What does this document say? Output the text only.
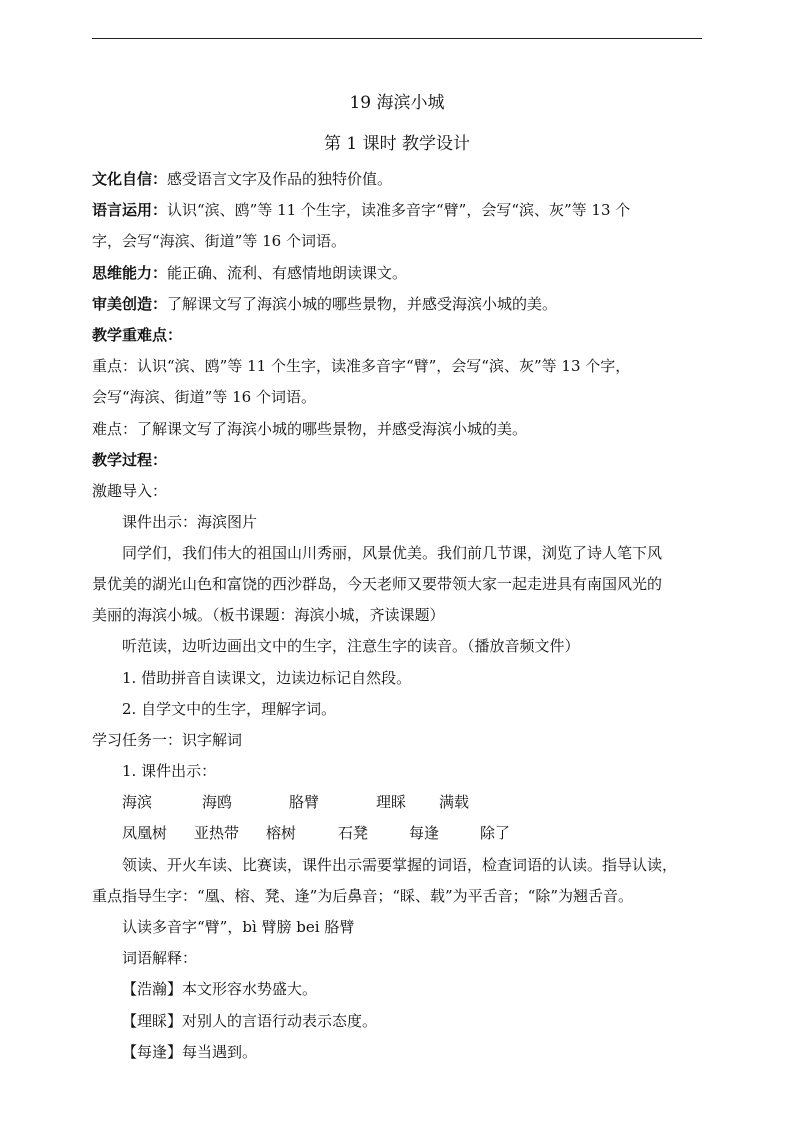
19 海滨小城
第 1 课时 教学设计
文化自信：感受语言文字及作品的独特价值。
语言运用：认识“滨、鸥”等 11 个生字，读准多音字“臂”，会写“滨、灰”等 13 个
字，会写“海滨、街道”等 16 个词语。
思维能力：能正确、流利、有感情地朗读课文。
审美创造：了解课文写了海滨小城的哪些景物，并感受海滨小城的美。
教学重难点：
重点：认识“滨、鸥”等 11 个生字，读准多音字“臂”，会写“滨、灰”等 13 个字，
会写“海滨、街道”等 16 个词语。
难点：了解课文写了海滨小城的哪些景物，并感受海滨小城的美。
教学过程：
激趣导入：
课件出示：海滨图片
同学们，我们伟大的祖国山川秀丽，风景优美。我们前几节课，浏览了诗人笔下风
景优美的湖光山色和富饶的西沙群岛，今天老师又要带领大家一起走进具有南国风光的
美丽的海滨小城。（板书课题：海滨小城，齐读课题）
听范读，边听边画出文中的生字，注意生字的读音。（播放音频文件）
1. 借助拼音自读课文，边读边标记自然段。
2. 自学文中的生字，理解字词。
学习任务一：识字解词
1. 课件出示：
海滨	海鸥	胳臂	理睬 满载
凤凰树 亚热带 榕树	石凳	每逢	除了
领读、开火车读、比赛读，课件出示需要掌握的词语，检查词语的认读。指导认读，
重点指导生字：“凰、榕、凳、逢”为后鼻音；“睬、载”为平舌音；“除”为翘舌音。
认读多音字“臂”，bì 臂膀 bei 胳臂
词语解释：
【浩瀚】本文形容水势盛大。
【理睬】对别人的言语行动表示态度。
【每逢】每当遇到。
